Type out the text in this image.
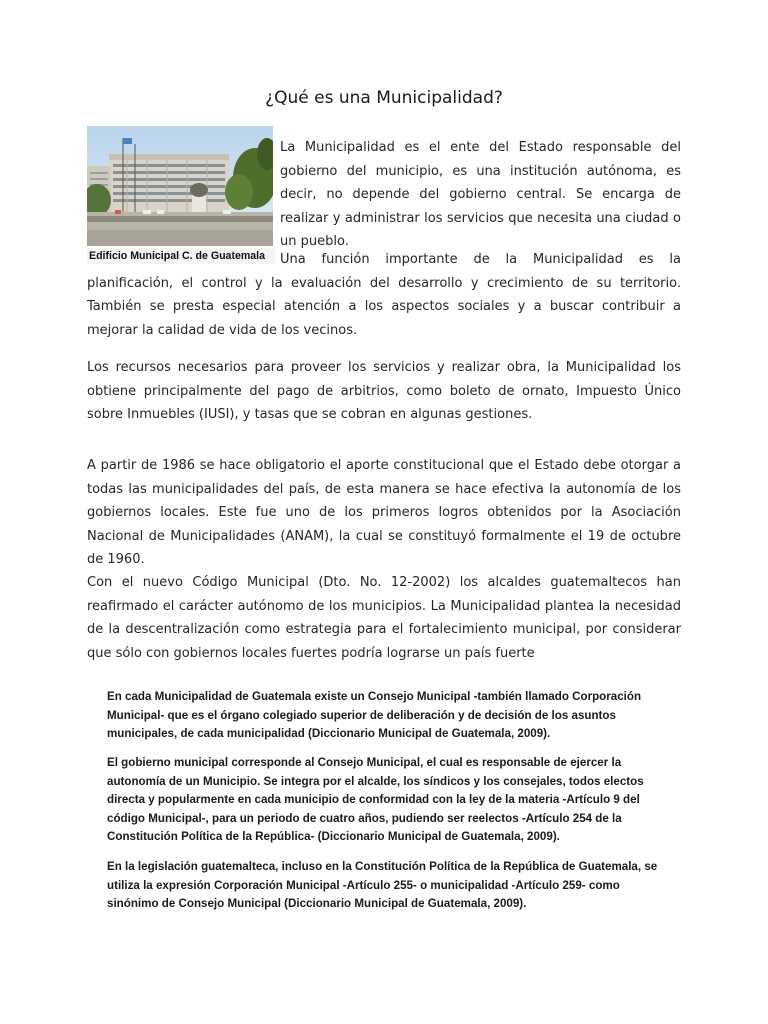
¿Qué es una Municipalidad?
Edificio Municipal C. de Guatemala

La Municipalidad es el ente del Estado responsable del gobierno del municipio, es una institución autónoma, es decir, no depende del gobierno central. Se encarga de realizar y administrar los servicios que necesita una ciudad o un pueblo.

Una función importante de la Municipalidad es la planificación, el control y la evaluación del desarrollo y crecimiento de su territorio. También se presta especial atención a los aspectos sociales y a buscar contribuir a mejorar la calidad de vida de los vecinos.

Los recursos necesarios para proveer los servicios y realizar obra, la Municipalidad los obtiene principalmente del pago de arbitrios, como boleto de ornato, Impuesto Único sobre Inmuebles (IUSI), y tasas que se cobran en algunas gestiones.

A partir de 1986 se hace obligatorio el aporte constitucional que el Estado debe otorgar a todas las municipalidades del país, de esta manera se hace efectiva la autonomía de los gobiernos locales. Este fue uno de los primeros logros obtenidos por la Asociación Nacional de Municipalidades (ANAM), la cual se constituyó formalmente el 19 de octubre de 1960.

Con el nuevo Código Municipal (Dto. No. 12-2002) los alcaldes guatemaltecos han reafirmado el carácter autónomo de los municipios. La Municipalidad plantea la necesidad de la descentralización como estrategia para el fortalecimiento municipal, por considerar que sólo con gobiernos locales fuertes podría lograrse un país fuerte

En cada Municipalidad de Guatemala existe un Consejo Municipal -también llamado Corporación Municipal- que es el órgano colegiado superior de deliberación y de decisión de los asuntos municipales, de cada municipalidad (Diccionario Municipal de Guatemala, 2009).

El gobierno municipal corresponde al Consejo Municipal, el cual es responsable de ejercer la autonomía de un Municipio. Se integra por el alcalde, los síndicos y los consejales, todos electos directa y popularmente en cada municipio de conformidad con la ley de la materia -Artículo 9 del código Municipal-, para un periodo de cuatro años, pudiendo ser reelectos -Artículo 254 de la Constitución Política de la República- (Diccionario Municipal de Guatemala, 2009).

En la legislación guatemalteca, incluso en la Constitución Política de la República de Guatemala, se utiliza la expresión Corporación Municipal -Artículo 255- o municipalidad -Artículo 259- como sinónimo de Consejo Municipal (Diccionario Municipal de Guatemala, 2009).
